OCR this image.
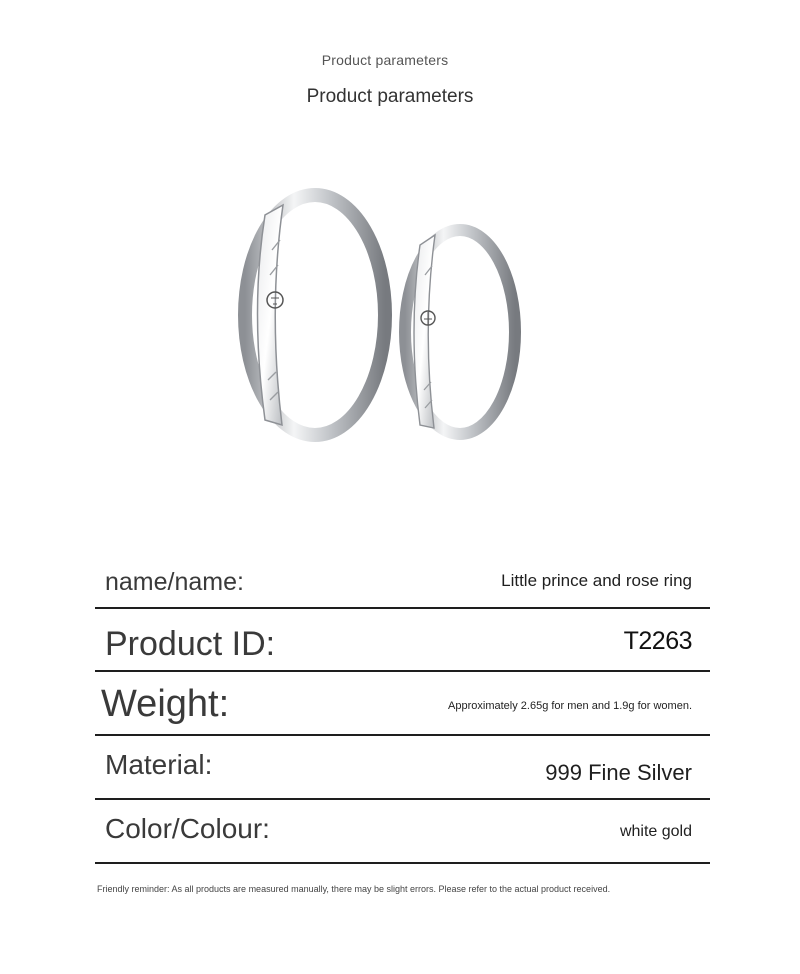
Product parameters
Product parameters
name/name:	Little prince and rose ring
Product ID:	T2263
Weight:	Approximately 2.65g for men and 1.9g for women.
Material:	999 Fine Silver
Color/Colour:	white gold
Friendly reminder: As all products are measured manually, there may be slight errors. Please refer to the actual product received.
